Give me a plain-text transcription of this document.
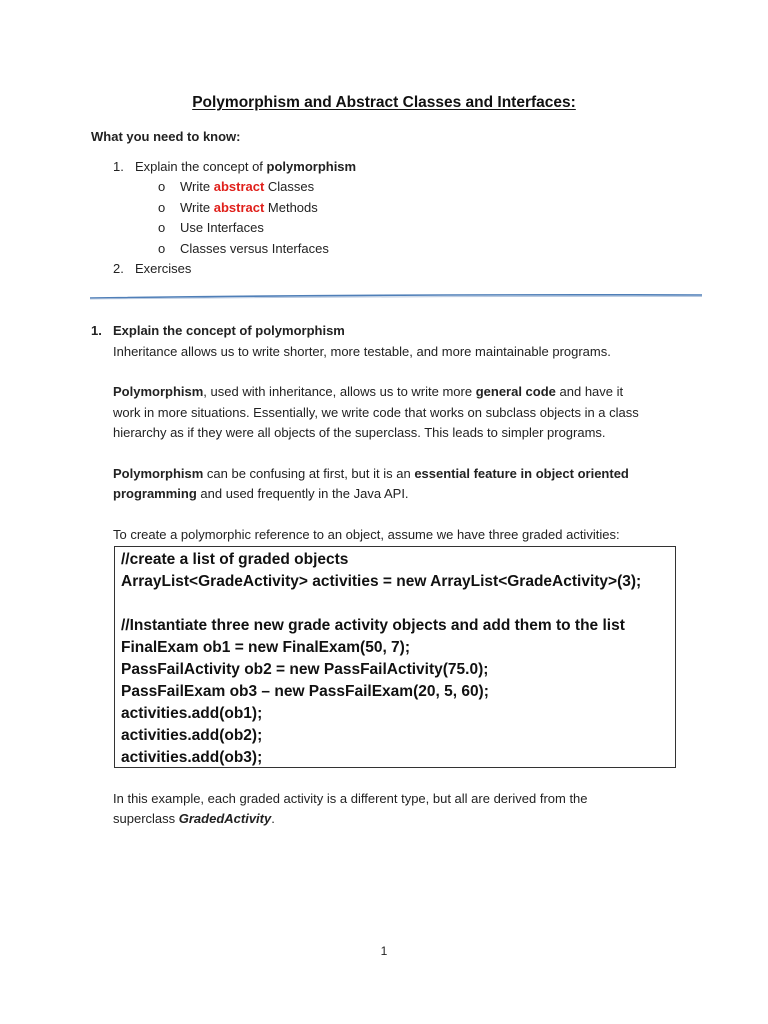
Polymorphism and Abstract Classes and Interfaces:
What you need to know:
1. Explain the concept of polymorphism
o Write abstract Classes
o Write abstract Methods
o Use Interfaces
o Classes versus Interfaces
2. Exercises
1. Explain the concept of polymorphism
Inheritance allows us to write shorter, more testable, and more maintainable programs.
Polymorphism, used with inheritance, allows us to write more general code and have it
work in more situations. Essentially, we write code that works on subclass objects in a class
hierarchy as if they were all objects of the superclass. This leads to simpler programs.
Polymorphism can be confusing at first, but it is an essential feature in object oriented
programming and used frequently in the Java API.
To create a polymorphic reference to an object, assume we have three graded activities:
//create a list of graded objects
ArrayList<GradeActivity> activities = new ArrayList<GradeActivity>(3);
//Instantiate three new grade activity objects and add them to the list
FinalExam ob1 = new FinalExam(50, 7);
PassFailActivity ob2 = new PassFailActivity(75.0);
PassFailExam ob3 – new PassFailExam(20, 5, 60);
activities.add(ob1);
activities.add(ob2);
activities.add(ob3);
In this example, each graded activity is a different type, but all are derived from the
superclass GradedActivity.
1
